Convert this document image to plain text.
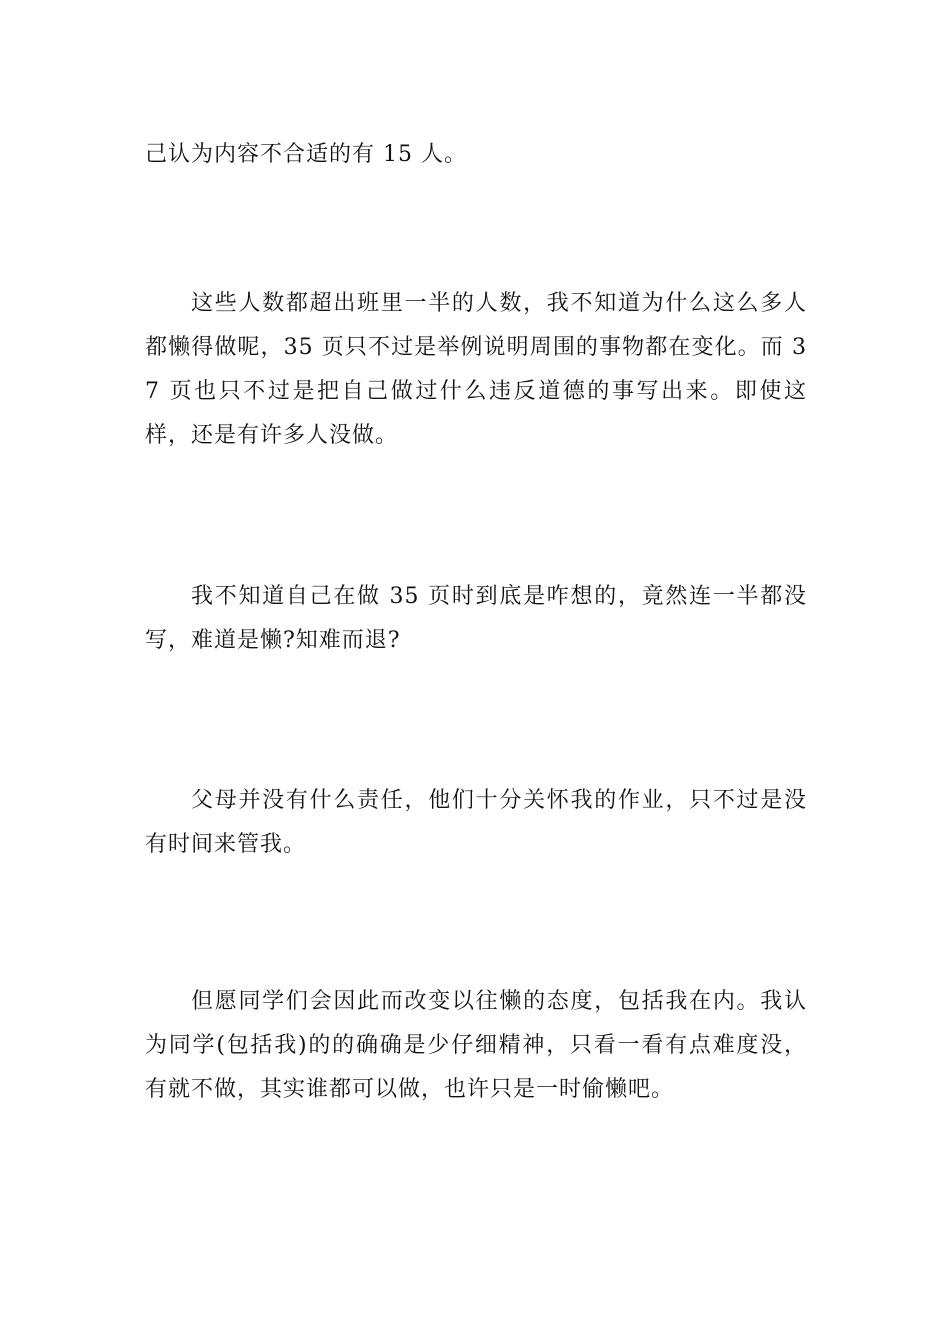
己认为内容不合适的有 15 人。

这些人数都超出班里一半的人数，我不知道为什么这么多人都懒得做呢，35 页只不过是举例说明周围的事物都在变化。而 37 页也只不过是把自己做过什么违反道德的事写出来。即使这样，还是有许多人没做。

我不知道自己在做 35 页时到底是咋想的，竟然连一半都没写，难道是懒?知难而退?

父母并没有什么责任，他们十分关怀我的作业，只不过是没有时间来管我。

但愿同学们会因此而改变以往懒的态度，包括我在内。我认为同学(包括我)的的确确是少仔细精神，只看一看有点难度没，有就不做，其实谁都可以做，也许只是一时偷懒吧。
